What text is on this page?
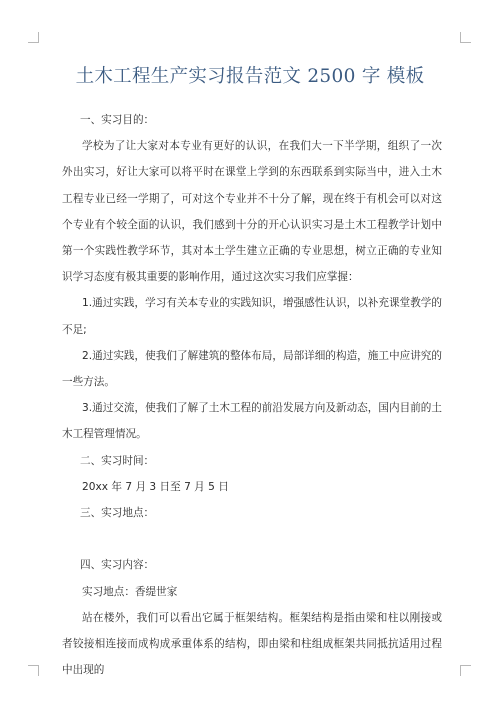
土木工程生产实习报告范文 2500 字 模板

一、实习目的：

学校为了让大家对本专业有更好的认识，在我们大一下半学期，组织了一次外出实习，好让大家可以将平时在课堂上学到的东西联系到实际当中，进入土木工程专业已经一学期了，可对这个专业并不十分了解，现在终于有机会可以对这个专业有个较全面的认识，我们感到十分的开心认识实习是土木工程教学计划中第一个实践性教学环节，其对本土学生建立正确的专业思想，树立正确的专业知识学习态度有极其重要的影响作用，通过这次实习我们应掌握：

1.通过实践，学习有关本专业的实践知识，增强感性认识，以补充课堂教学的不足;

2.通过实践，使我们了解建筑的整体布局，局部详细的构造，施工中应讲究的一些方法。

3.通过交流，使我们了解了土木工程的前沿发展方向及新动态，国内目前的土木工程管理情况。

二、实习时间：

20xx 年 7 月 3 日至 7 月 5 日

三、实习地点：

四、实习内容：

实习地点：香缇世家

站在楼外，我们可以看出它属于框架结构。框架结构是指由梁和柱以刚接或者铰接相连接而成构成承重体系的结构，即由梁和柱组成框架共同抵抗适用过程中出现的
